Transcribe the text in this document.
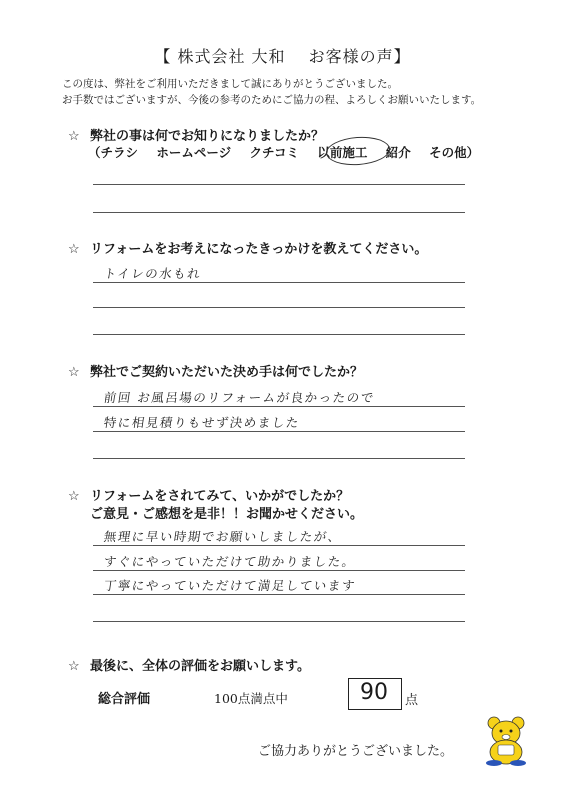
【 株式会社 大和　 お客様の声】
この度は、弊社をご利用いただきまして誠にありがとうございました。
お手数ではございますが、今後の参考のためにご協力の程、よろしくお願いいたします。
☆ 弊社の事は何でお知りになりましたか？
（チラシ ホームページ クチコミ 以前施工 紹介 その他）
☆ リフォームをお考えになったきっかけを教えてください。
トイレの水もれ
☆ 弊社でご契約いただいた決め手は何でしたか？
前回 お風呂場のリフォームが良かったので
特に相見積りもせず決めました
☆ リフォームをされてみて、いかがでしたか？
ご意見・ご感想を是非！！お聞かせください。
無理に早い時期でお願いしましたが、
すぐにやっていただけて助かりました。
丁寧にやっていただけて満足しています
☆ 最後に、全体の評価をお願いします。
総合評価	100点満点中	90	点
ご協力ありがとうございました。
